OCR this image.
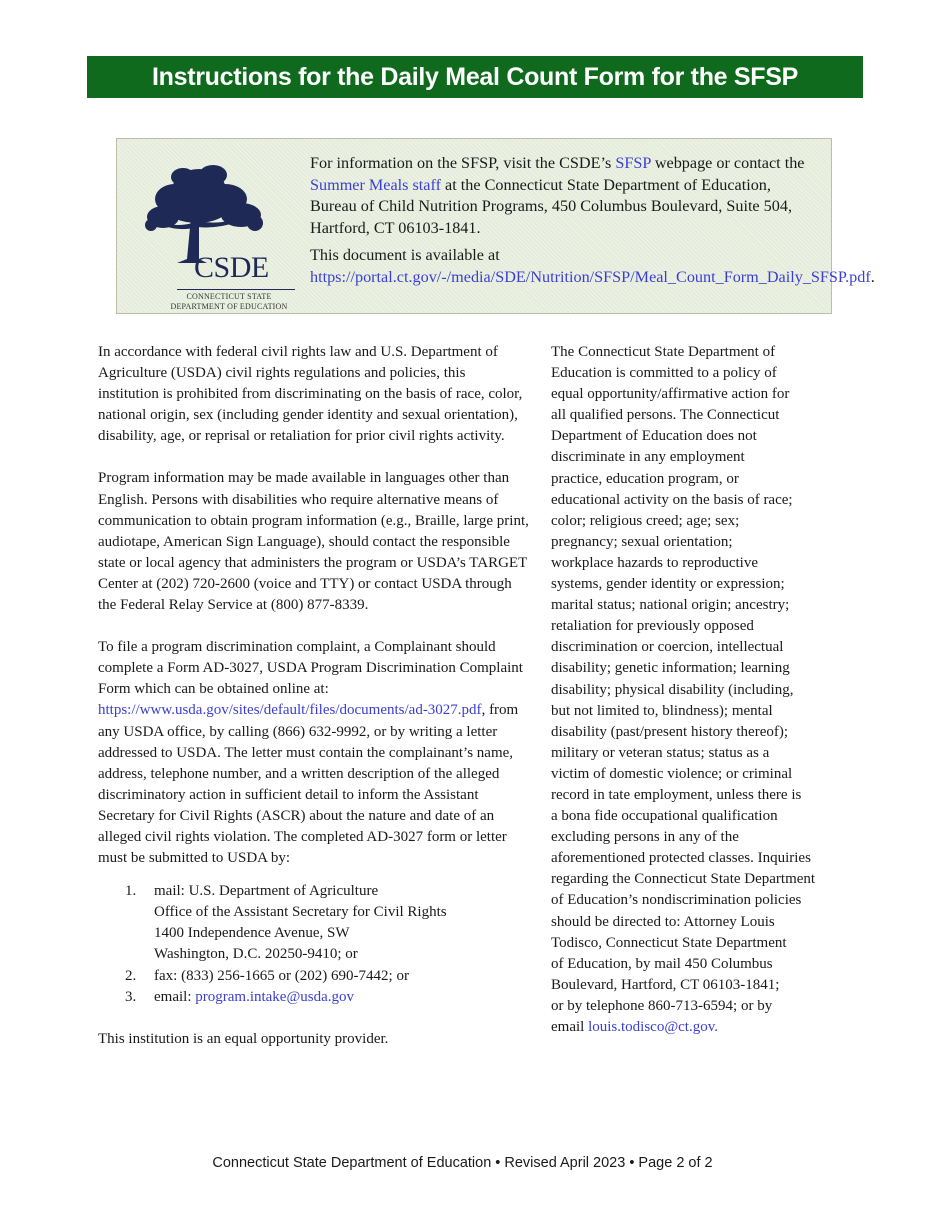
Instructions for the Daily Meal Count Form for the SFSP
CSDE
CONNECTICUT STATE
DEPARTMENT OF EDUCATION

For information on the SFSP, visit the CSDE’s SFSP webpage or contact the Summer Meals staff at the Connecticut State Department of Education, Bureau of Child Nutrition Programs, 450 Columbus Boulevard, Suite 504, Hartford, CT 06103-1841.

This document is available at https://portal.ct.gov/-/media/SDE/Nutrition/SFSP/Meal_Count_Form_Daily_SFSP.pdf.

In accordance with federal civil rights law and U.S. Department of Agriculture (USDA) civil rights regulations and policies, this institution is prohibited from discriminating on the basis of race, color, national origin, sex (including gender identity and sexual orientation), disability, age, or reprisal or retaliation for prior civil rights activity.

Program information may be made available in languages other than English. Persons with disabilities who require alternative means of communication to obtain program information (e.g., Braille, large print, audiotape, American Sign Language), should contact the responsible state or local agency that administers the program or USDA’s TARGET Center at (202) 720-2600 (voice and TTY) or contact USDA through the Federal Relay Service at (800) 877-8339.

To file a program discrimination complaint, a Complainant should complete a Form AD-3027, USDA Program Discrimination Complaint Form which can be obtained online at: https://www.usda.gov/sites/default/files/documents/ad-3027.pdf, from any USDA office, by calling (866) 632-9992, or by writing a letter addressed to USDA. The letter must contain the complainant’s name, address, telephone number, and a written description of the alleged discriminatory action in sufficient detail to inform the Assistant Secretary for Civil Rights (ASCR) about the nature and date of an alleged civil rights violation. The completed AD-3027 form or letter must be submitted to USDA by:

1. mail: U.S. Department of Agriculture
Office of the Assistant Secretary for Civil Rights
1400 Independence Avenue, SW
Washington, D.C. 20250-9410; or
2. fax: (833) 256-1665 or (202) 690-7442; or
3. email: program.intake@usda.gov

This institution is an equal opportunity provider.

The Connecticut State Department of
Education is committed to a policy of
equal opportunity/affirmative action for
all qualified persons. The Connecticut
Department of Education does not
discriminate in any employment
practice, education program, or
educational activity on the basis of race;
color; religious creed; age; sex;
pregnancy; sexual orientation;
workplace hazards to reproductive
systems, gender identity or expression;
marital status; national origin; ancestry;
retaliation for previously opposed
discrimination or coercion, intellectual
disability; genetic information; learning
disability; physical disability (including,
but not limited to, blindness); mental
disability (past/present history thereof);
military or veteran status; status as a
victim of domestic violence; or criminal
record in tate employment, unless there is
a bona fide occupational qualification
excluding persons in any of the
aforementioned protected classes. Inquiries
regarding the Connecticut State Department
of Education’s nondiscrimination policies
should be directed to: Attorney Louis
Todisco, Connecticut State Department
of Education, by mail 450 Columbus
Boulevard, Hartford, CT 06103-1841;
or by telephone 860-713-6594; or by
email louis.todisco@ct.gov.

Connecticut State Department of Education • Revised April 2023 • Page 2 of 2
